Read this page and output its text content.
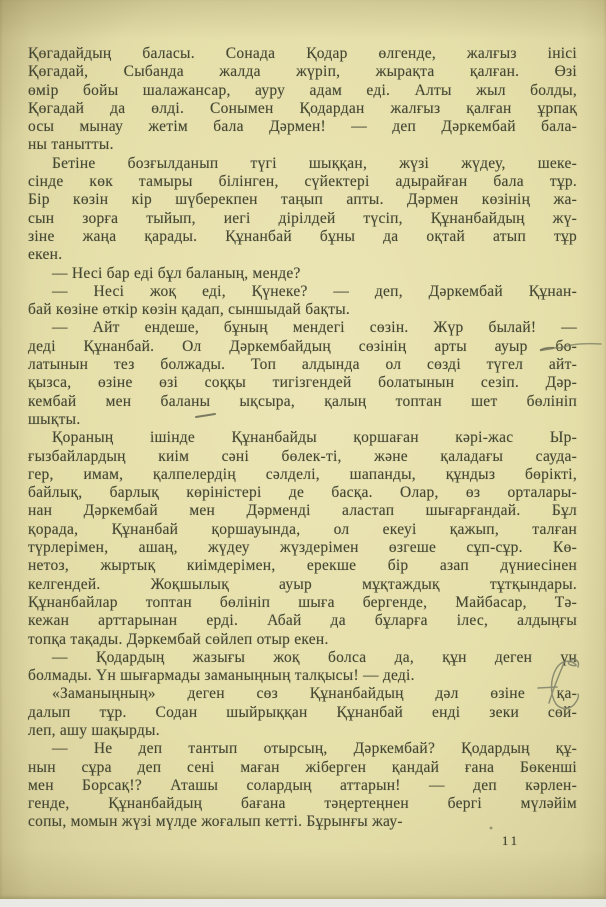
Қөгадайдың баласы. Сонада Қодар өлгенде, жалғыз інісі
Қөгадай, Сыбанда жалда жүріп, жырақта қалған. Өзі
өмір бойы шалажансар, ауру адам еді. Алты жыл болды,
Қөгадай да өлді. Сонымен Қодардан жалғыз қалған ұрпақ
осы мынау жетім бала Дәрмен! — деп Дәркембай бала-
ны танытты.
Бетіне бозғылданып түгі шыққан, жүзі жүдеу, шеке-
сінде көк тамыры білінген, сүйектері адырайған бала тұр.
Бір көзін кір шүберекпен таңып апты. Дәрмен көзінің жа-
сын зорға тыйып, иегі дірілдей түсіп, Құнанбайдың жү-
зіне жаңа қарады. Құнанбай бұны да оқтай атып тұр
екен.
— Несі бар еді бұл баланың, менде?
— Несі жоқ еді, Қүнеке? — деп, Дәркембай Құнан-
бай көзіне өткір көзін қадап, сыншыдай бақты.
— Айт ендеше, бұның мендегі сөзін. Жүр былай! —
деді Құнанбай. Ол Дәркембайдың сөзінің арты ауыр бо-
латынын тез болжады. Топ алдында ол сөзді түгел айт-
қызса, өзіне өзі соққы тигізгендей болатынын сезіп. Дәр-
кембай мен баланы ықсыра, қалың топтан шет бөлініп
шықты.
Қораның ішінде Құнанбайды қоршаған кәрі-жас Ыр-
ғызбайлардың киім сәні бөлек-ті, және қаладағы сауда-
гер, имам, қалпелердің сәлделі, шапанды, құндыз бөрікті,
байлық, барлық көріністері де басқа. Олар, өз орталары-
нан Дәркембай мен Дәрменді аластап шығарғандай. Бұл
қорада, Құнанбай қоршауында, ол екеуі қажып, талған
түрлерімен, ашаң, жүдеу жүздерімен өзгеше сұп-сұр. Кө-
нетоз, жыртық киімдерімен, ерекше бір азап дүниесінен
келгендей. Жоқшылық ауыр мұқтаждық тұтқындары.
Құнанбайлар топтан бөлініп шыға бергенде, Майбасар, Тә-
кежан арттарынан ерді. Абай да бұларға ілес, алдыңғы
топқа тақады. Дәркембай сөйлеп отыр екен.
— Қодардың жазығы жоқ болса да, құн деген үн
болмады. Үн шығармады заманыңның талқысы! — деді.
«Заманыңның» деген сөз Құнанбайдың дәл өзіне қа-
далып тұр. Содан шыйрыққан Құнанбай енді зеки сөй-
леп, ашу шақырды.
— Не деп тантып отырсың, Дәркембай? Қодардың құ-
нын сұра деп сені маған жіберген қандай ғана Бөкенші
мен Борсақ!? Аташы солардың аттарын! — деп кәрлен-
генде, Құнанбайдың бағана тәңертеңнен бергі мүләйім
сопы, момын жүзі мүлде жоғалып кетті. Бұрынғы жау-
11
